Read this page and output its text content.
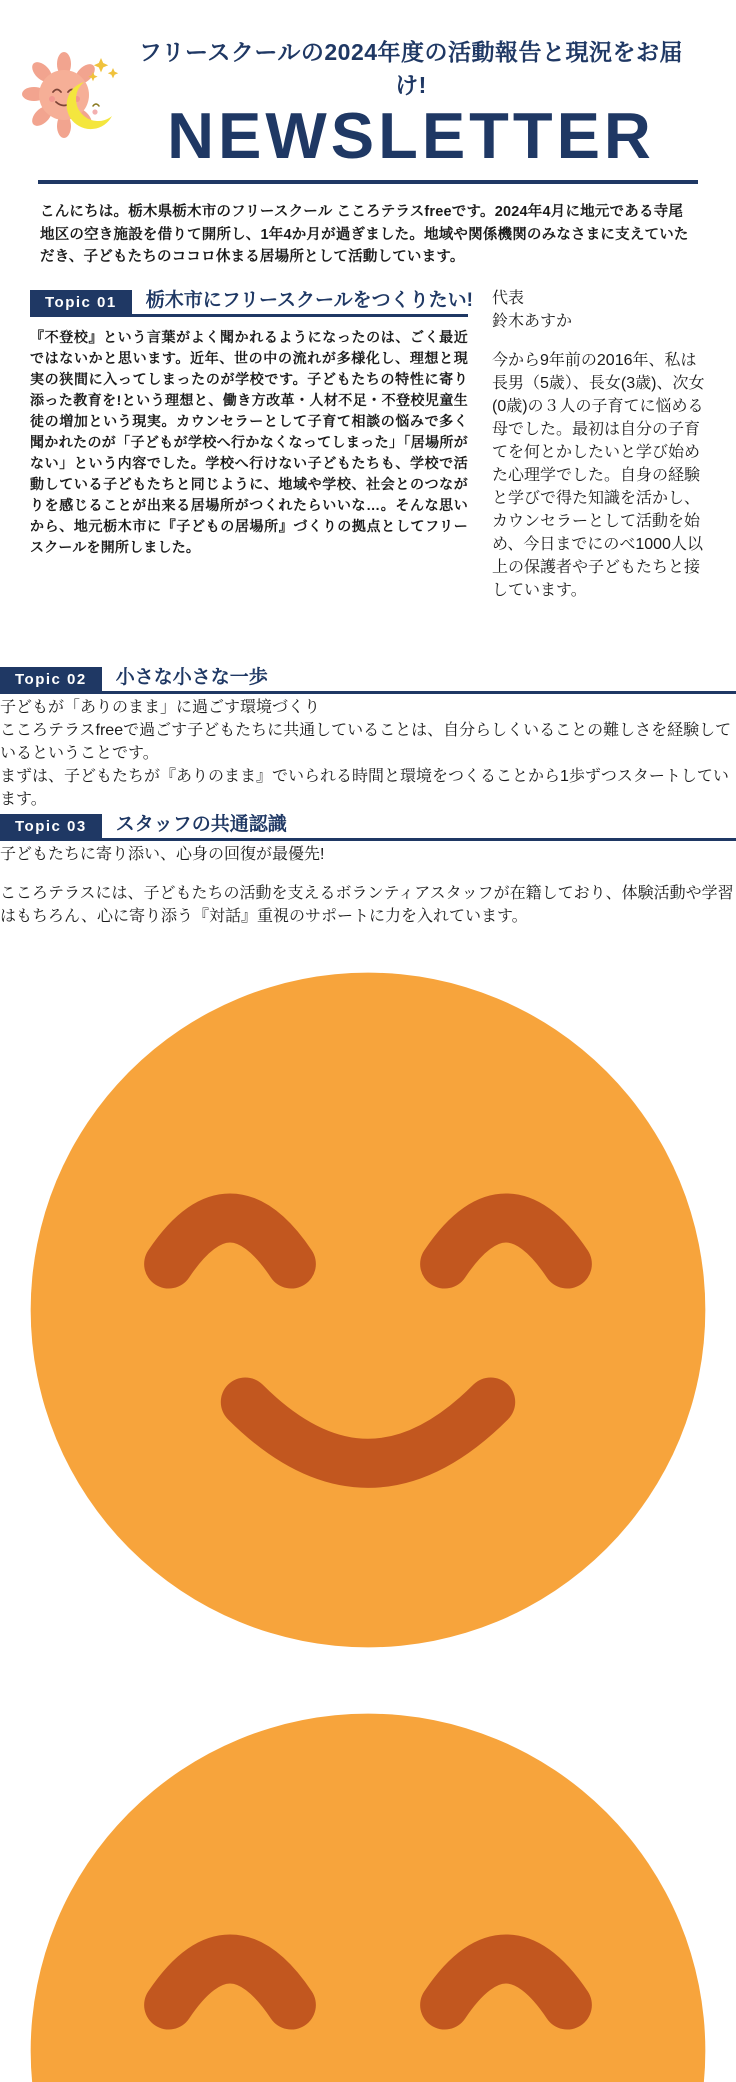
フリースクールの2024年度の活動報告と現況をお届け!
NEWSLETTER

こんにちは。栃木県栃木市のフリースクール こころテラスfreeです。2024年4月に地元である寺尾地区の空き施設を借りて開所し、1年4か月が過ぎました。地域や関係機関のみなさまに支えていただき、子どもたちのココロ休まる居場所として活動しています。

Topic 01	栃木市にフリースクールをつくりたい!

『不登校』という言葉がよく聞かれるようになったのは、ごく最近ではないかと思います。近年、世の中の流れが多様化し、理想と現実の狭間に入ってしまったのが学校です。子どもたちの特性に寄り添った教育を!という理想と、働き方改革・人材不足・不登校児童生徒の増加という現実。カウンセラーとして子育て相談の悩みで多く聞かれたのが「子どもが学校へ行かなくなってしまった」「居場所がない」という内容でした。学校へ行けない子どもたちも、学校で活動している子どもたちと同じように、地域や学校、社会とのつながりを感じることが出来る居場所がつくれたらいいな…。そんな思いから、地元栃木市に『子どもの居場所』づくりの拠点としてフリースクールを開所しました。

代表
鈴木あすか

今から9年前の2016年、私は長男（5歳）、長女(3歳)、次女(0歳)の３人の子育てに悩める母でした。最初は自分の子育てを何とかしたいと学び始めた心理学でした。自身の経験と学びで得た知識を活かし、カウンセラーとして活動を始め、今日までにのべ1000人以上の保護者や子どもたちと接しています。

Topic 02	小さな小さな一歩
子どもが「ありのまま」に過ごす環境づくり
こころテラスfreeで過ごす子どもたちに共通していることは、自分らしくいることの難しさを経験しているということです。
まずは、子どもたちが『ありのまま』でいられる時間と環境をつくることから1歩ずつスタートしています。
Topic 03	スタッフの共通認識
子どもたちに寄り添い、心身の回復が最優先!

こころテラスには、子どもたちの活動を支えるボランティアスタッフが在籍しており、体験活動や学習はもちろん、心に寄り添う『対話』重視のサポートに力を入れています。
